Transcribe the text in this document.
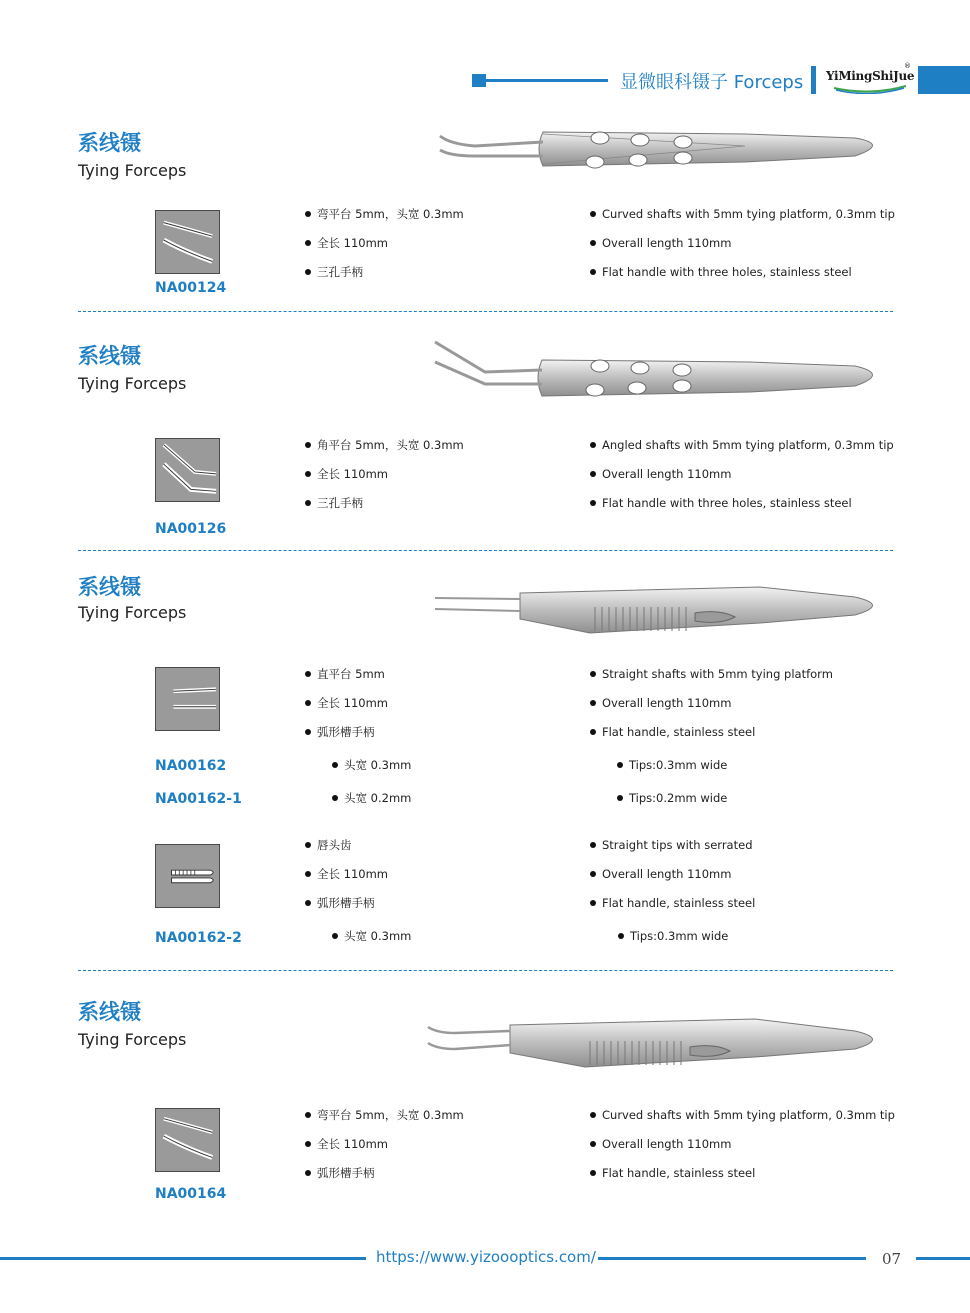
显微眼科镊子 Forceps YiMingShiJue
®
系线镊
Tying Forceps
NA00124
弯平台 5mm，头宽 0.3mm
全长 110mm
三孔手柄
Curved shafts with 5mm tying platform, 0.3mm tip
Overall length 110mm
Flat handle with three holes, stainless steel
系线镊
Tying Forceps
NA00126
角平台 5mm，头宽 0.3mm
全长 110mm
三孔手柄
Angled shafts with 5mm tying platform, 0.3mm tip
Overall length 110mm
Flat handle with three holes, stainless steel
系线镊
Tying Forceps
NA00162
NA00162-1
直平台 5mm
全长 110mm
弧形槽手柄
头宽 0.3mm
头宽 0.2mm
Straight shafts with 5mm tying platform
Overall length 110mm
Flat handle, stainless steel
Tips:0.3mm wide
Tips:0.2mm wide
NA00162-2
唇头齿
全长 110mm
弧形槽手柄
头宽 0.3mm
Straight tips with serrated
Overall length 110mm
Flat handle, stainless steel
Tips:0.3mm wide
系线镊
Tying Forceps
NA00164
弯平台 5mm，头宽 0.3mm
全长 110mm
弧形槽手柄
Curved shafts with 5mm tying platform, 0.3mm tip
Overall length 110mm
Flat handle, stainless steel
https://www.yizoooptics.com/	07
